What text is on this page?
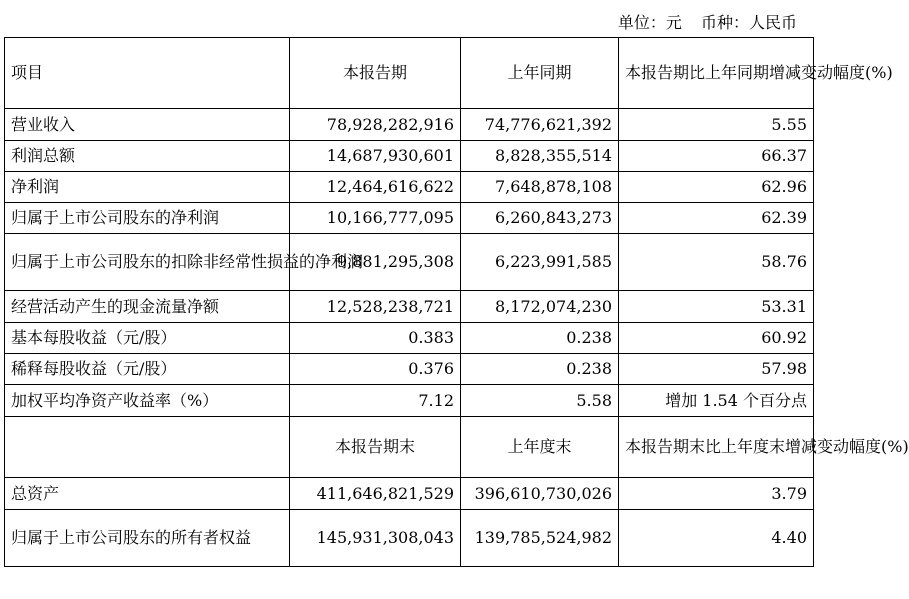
单位：元 币种：人民币
项目	本报告期	上年同期	本报告期比上年同期增减变动幅度(%)
营业收入	78,928,282,916	74,776,621,392	5.55
利润总额	14,687,930,601	8,828,355,514	66.37
净利润	12,464,616,622	7,648,878,108	62.96
归属于上市公司股东的净利润	10,166,777,095	6,260,843,273	62.39
归属于上市公司股东的扣除非经常性损益的净利润	9,881,295,308	6,223,991,585	58.76
经营活动产生的现金流量净额	12,528,238,721	8,172,074,230	53.31
基本每股收益（元/股）	0.383	0.238	60.92
稀释每股收益（元/股）	0.376	0.238	57.98
加权平均净资产收益率（%）	7.12	5.58	增加 1.54 个百分点
	本报告期末	上年度末	本报告期末比上年度末增减变动幅度(%)
总资产	411,646,821,529	396,610,730,026	3.79
归属于上市公司股东的所有者权益	145,931,308,043	139,785,524,982	4.40
